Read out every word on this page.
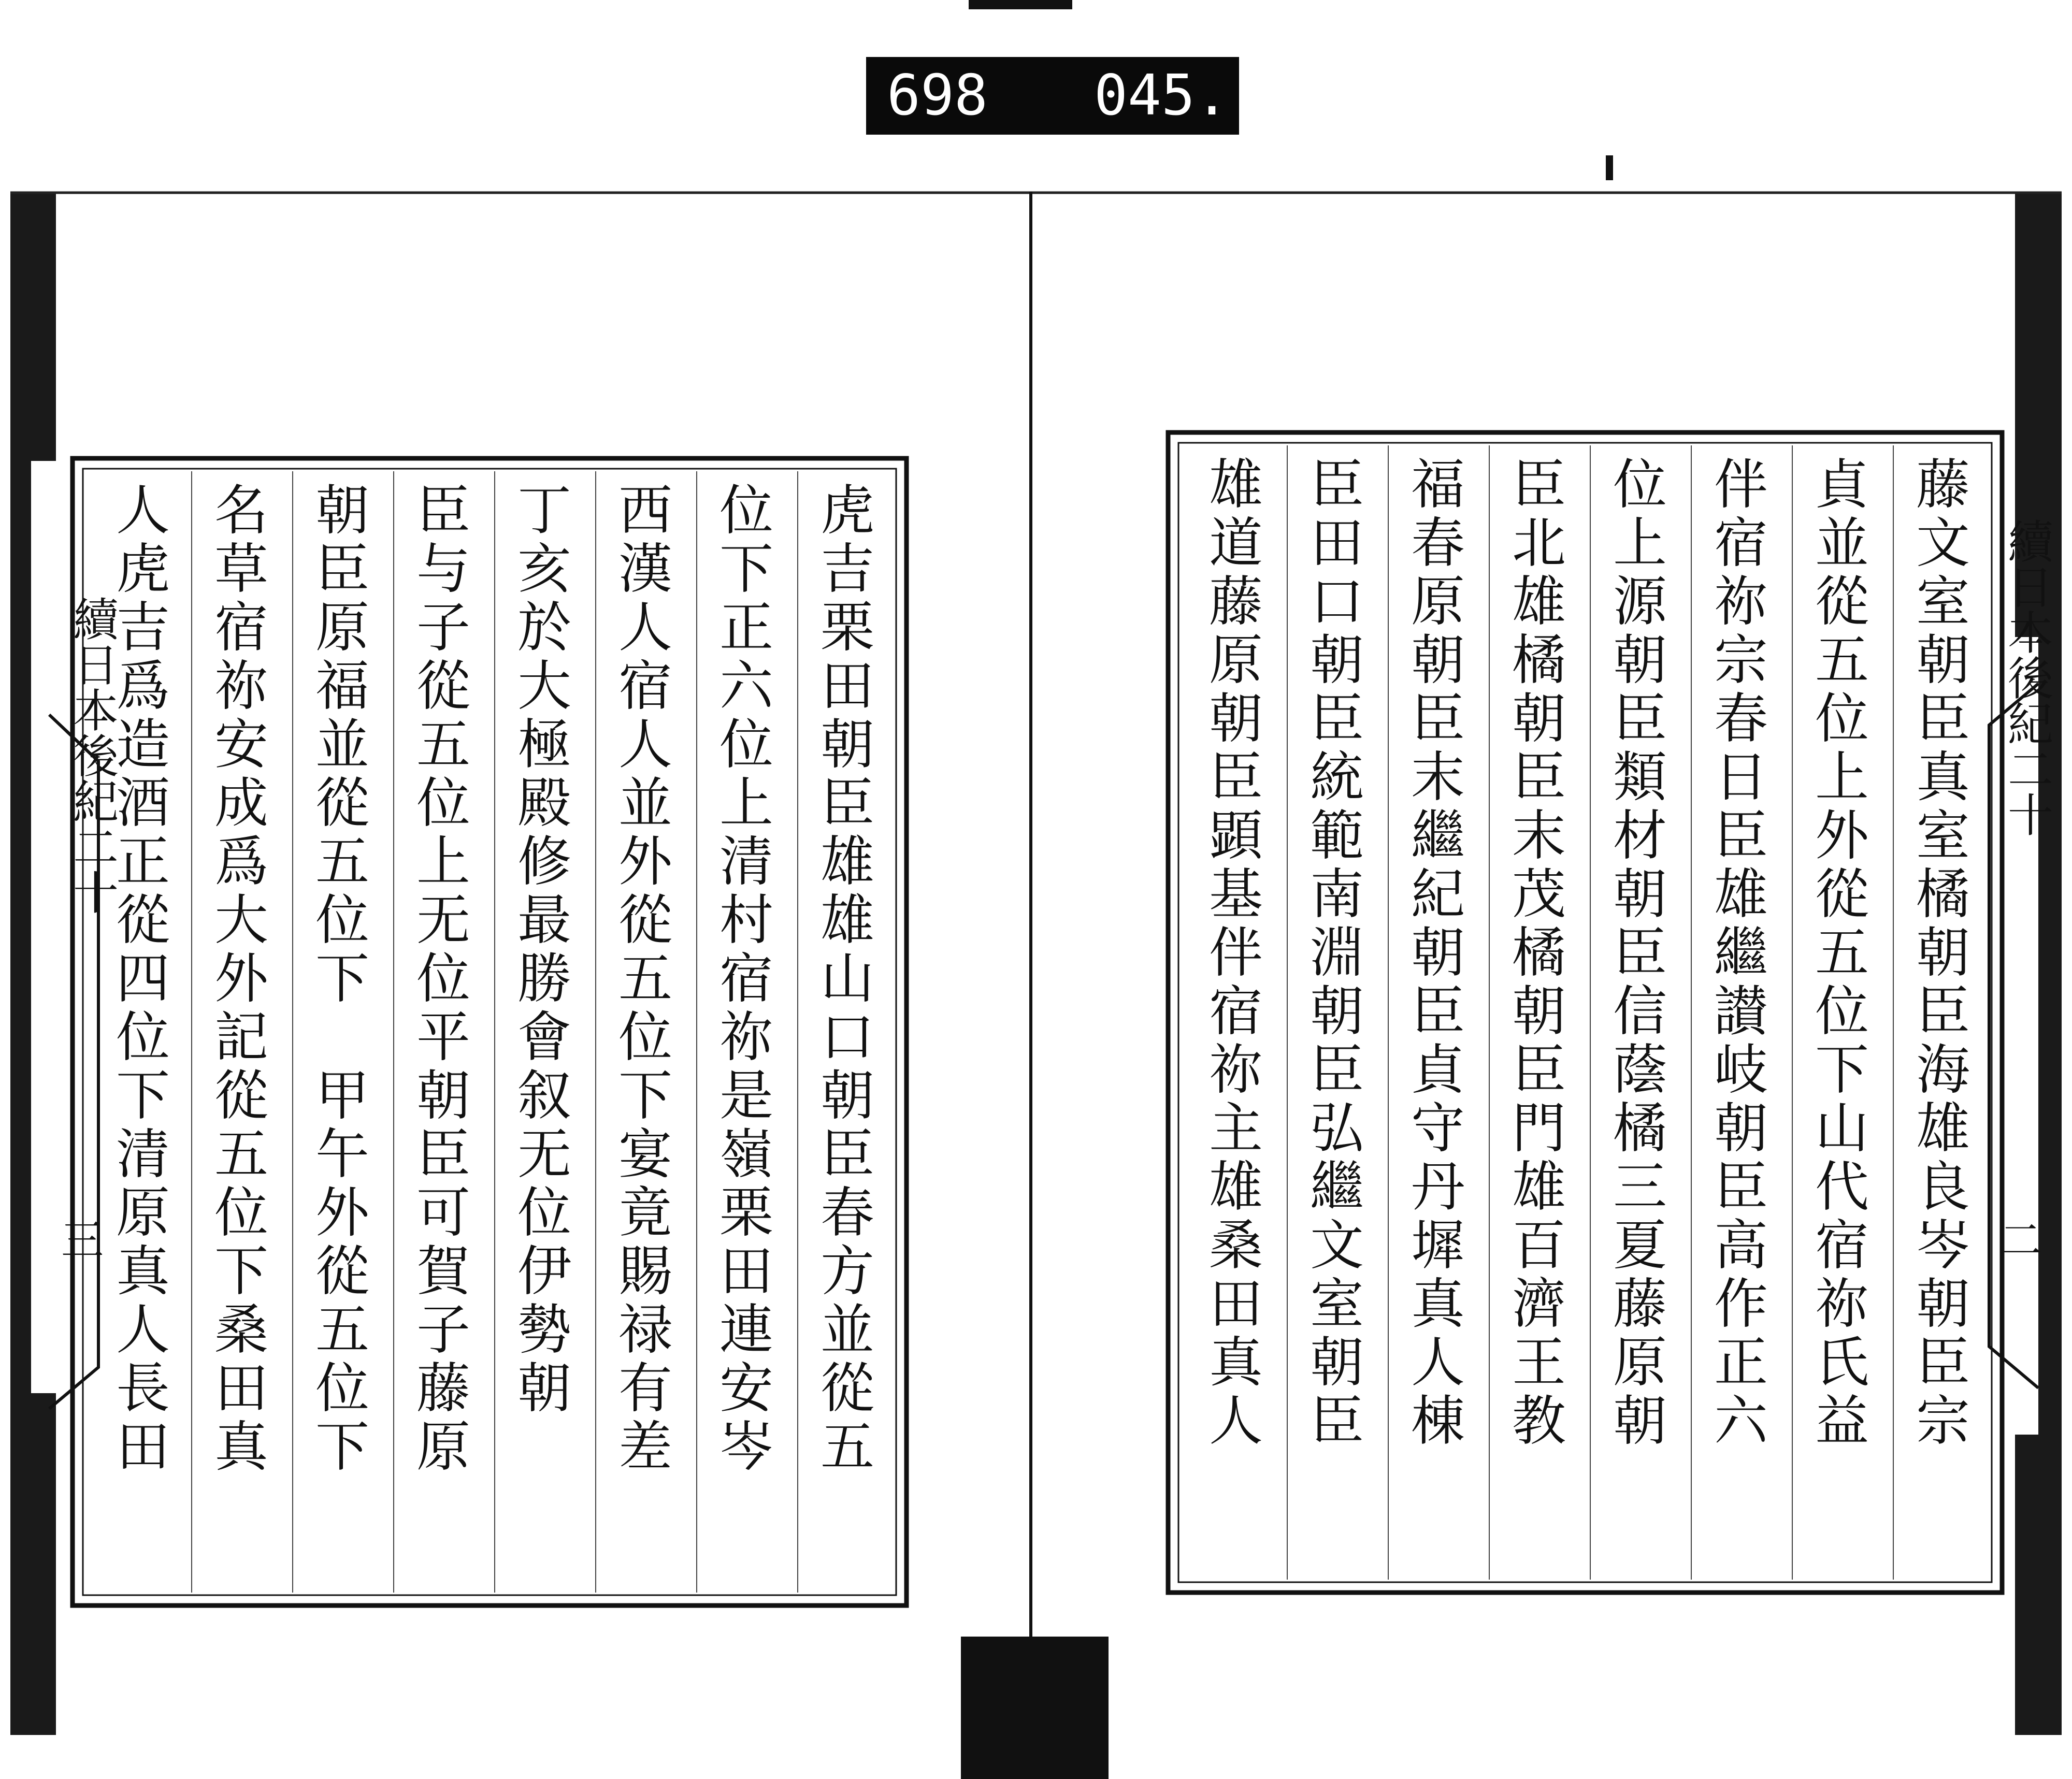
698 045.
續日本後紀二十
三
續日本後紀二十
二
虎吉栗田朝臣雄雄山口朝臣春方並從五
位下正六位上清村宿祢是嶺栗田連安岑
西漢人宿人並外從五位下宴竟賜禄有差
丁亥於大極殿修最勝會叙无位伊勢朝
臣与子從五位上无位平朝臣可賀子藤原
朝臣原福並從五位下　甲午外從五位下
名草宿祢安成爲大外記從五位下桑田真
人虎吉爲造酒正從四位下清原真人長田	藤文室朝臣真室橘朝臣海雄良岑朝臣宗
貞並從五位上外從五位下山代宿祢氏益
伴宿祢宗春日臣雄繼讃岐朝臣高作正六
位上源朝臣類材朝臣信蔭橘三夏藤原朝
臣北雄橘朝臣末茂橘朝臣門雄百濟王教
福春原朝臣末繼紀朝臣貞守丹墀真人棟
臣田口朝臣統範南淵朝臣弘繼文室朝臣
雄道藤原朝臣顕基伴宿祢主雄桑田真人
